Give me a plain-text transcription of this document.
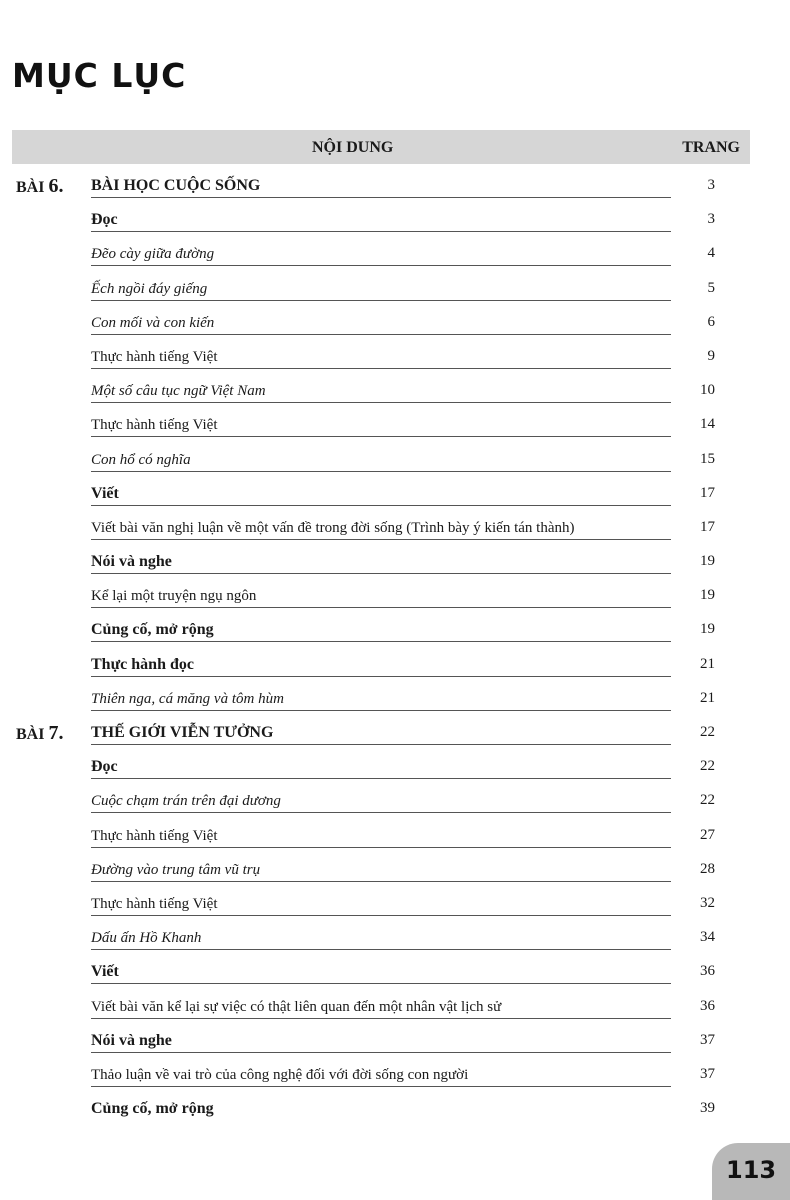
MỤC LỤC
NỘI DUNG	TRANG
BÀI 6. BÀI HỌC CUỘC SỐNG	3
Đọc	3
Đẽo cày giữa đường	4
Ếch ngồi đáy giếng	5
Con mối và con kiến	6
Thực hành tiếng Việt	9
Một số câu tục ngữ Việt Nam	10
Thực hành tiếng Việt	14
Con hổ có nghĩa	15
Viết	17
Viết bài văn nghị luận về một vấn đề trong đời sống (Trình bày ý kiến tán thành)	17
Nói và nghe	19
Kể lại một truyện ngụ ngôn	19
Củng cố, mở rộng	19
Thực hành đọc	21
Thiên nga, cá măng và tôm hùm	21
BÀI 7. THẾ GIỚI VIỄN TƯỞNG	22
Đọc	22
Cuộc chạm trán trên đại dương	22
Thực hành tiếng Việt	27
Đường vào trung tâm vũ trụ	28
Thực hành tiếng Việt	32
Dấu ấn Hồ Khanh	34
Viết	36
Viết bài văn kể lại sự việc có thật liên quan đến một nhân vật lịch sử	36
Nói và nghe	37
Thảo luận về vai trò của công nghệ đối với đời sống con người	37
Củng cố, mở rộng	39
113
